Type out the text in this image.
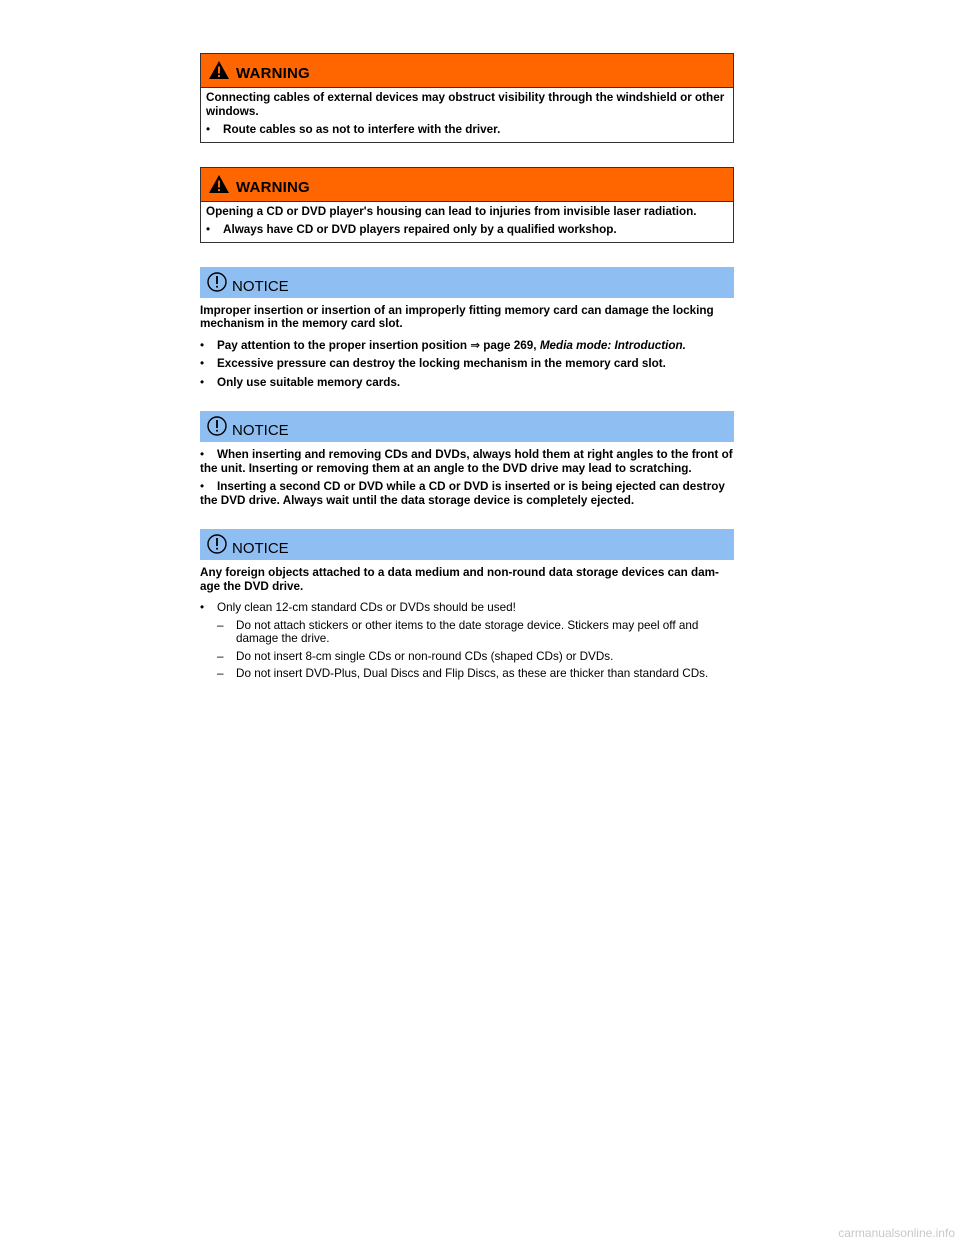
WARNING

Connecting cables of external devices may obstruct visibility through the windshield or other windows.

•	Route cables so as not to interfere with the driver.

WARNING

Opening a CD or DVD player's housing can lead to injuries from invisible laser radiation.

•	Always have CD or DVD players repaired only by a qualified workshop.

NOTICE

Improper insertion or insertion of an improperly fitting memory card can damage the locking mechanism in the memory card slot.

•	Pay attention to the proper insertion position ⇒ page 269, Media mode: Introduction.

•	Excessive pressure can destroy the locking mechanism in the memory card slot.

•	Only use suitable memory cards.

NOTICE
•	When inserting and removing CDs and DVDs, always hold them at right angles to the front of the unit. Inserting or removing them at an angle to the DVD drive may lead to scratching.

•	Inserting a second CD or DVD while a CD or DVD is inserted or is being ejected can destroy the DVD drive. Always wait until the data storage device is completely ejected.

NOTICE

Any foreign objects attached to a data medium and non-round data storage devices can dam-age the DVD drive.

•	Only clean 12-cm standard CDs or DVDs should be used!

–	Do not attach stickers or other items to the date storage device. Stickers may peel off and damage the drive.

–	Do not insert 8-cm single CDs or non-round CDs (shaped CDs) or DVDs.

–	Do not insert DVD-Plus, Dual Discs and Flip Discs, as these are thicker than standard CDs.

carmanualsonline.info
